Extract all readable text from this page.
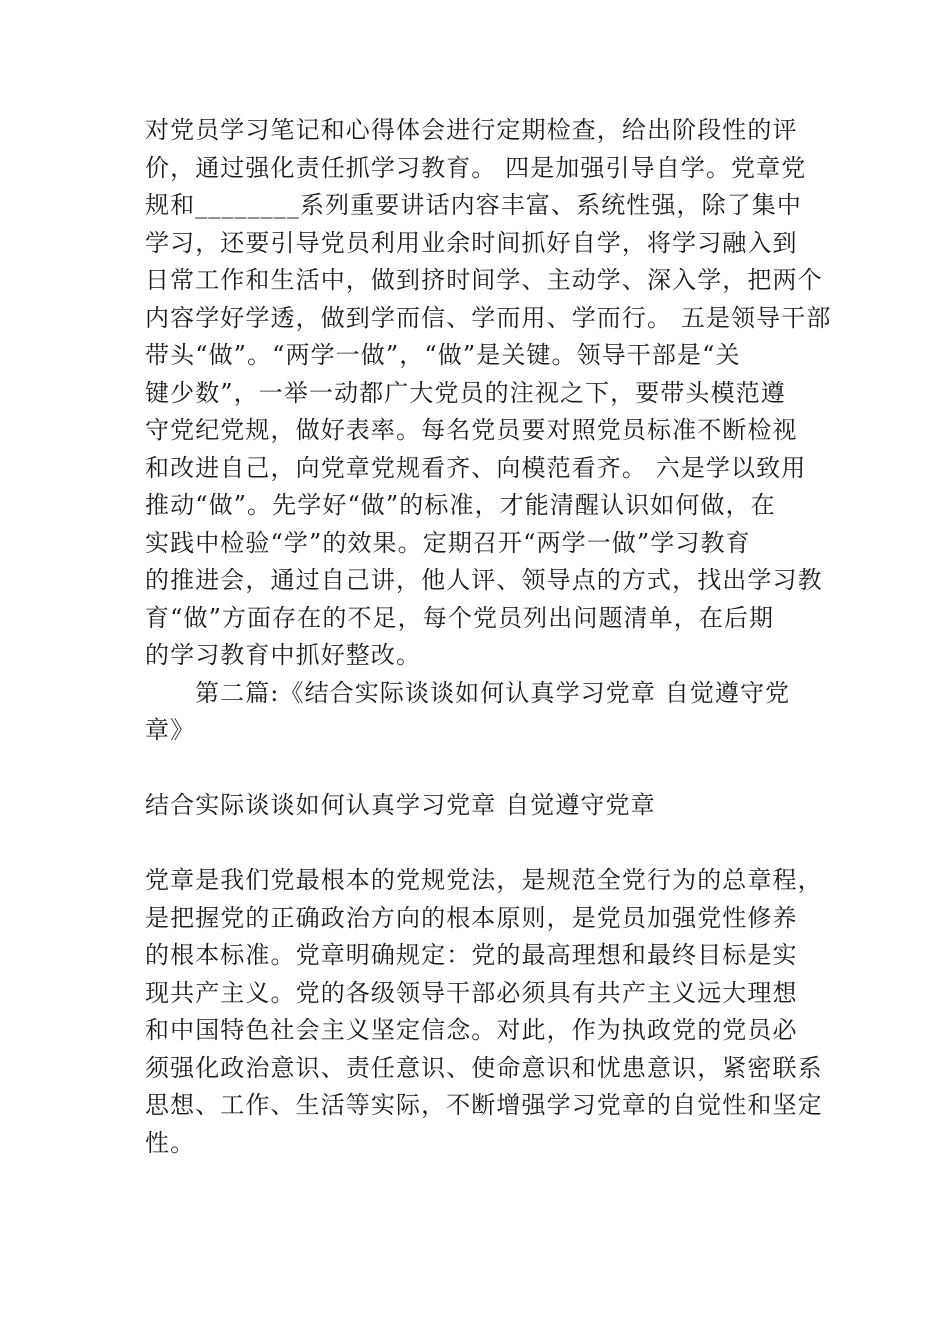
对党员学习笔记和心得体会进行定期检查，给出阶段性的评
价，通过强化责任抓学习教育。 四是加强引导自学。党章党
规和________系列重要讲话内容丰富、系统性强，除了集中
学习，还要引导党员利用业余时间抓好自学，将学习融入到
日常工作和生活中，做到挤时间学、主动学、深入学，把两个
内容学好学透，做到学而信、学而用、学而行。 五是领导干部
带头“做”。“两学一做”，“做”是关键。领导干部是“关
键少数”，一举一动都广大党员的注视之下，要带头模范遵
守党纪党规，做好表率。每名党员要对照党员标准不断检视
和改进自己，向党章党规看齐、向模范看齐。 六是学以致用
推动“做”。先学好“做”的标准，才能清醒认识如何做，在
实践中检验“学”的效果。定期召开“两学一做”学习教育
的推进会，通过自己讲，他人评、领导点的方式，找出学习教
育“做”方面存在的不足，每个党员列出问题清单，在后期
的学习教育中抓好整改。
第二篇:《结合实际谈谈如何认真学习党章 自觉遵守党
章》
结合实际谈谈如何认真学习党章 自觉遵守党章
党章是我们党最根本的党规党法，是规范全党行为的总章程，
是把握党的正确政治方向的根本原则，是党员加强党性修养
的根本标准。党章明确规定：党的最高理想和最终目标是实
现共产主义。党的各级领导干部必须具有共产主义远大理想
和中国特色社会主义坚定信念。对此，作为执政党的党员必
须强化政治意识、责任意识、使命意识和忧患意识，紧密联系
思想、工作、生活等实际，不断增强学习党章的自觉性和坚定
性。
